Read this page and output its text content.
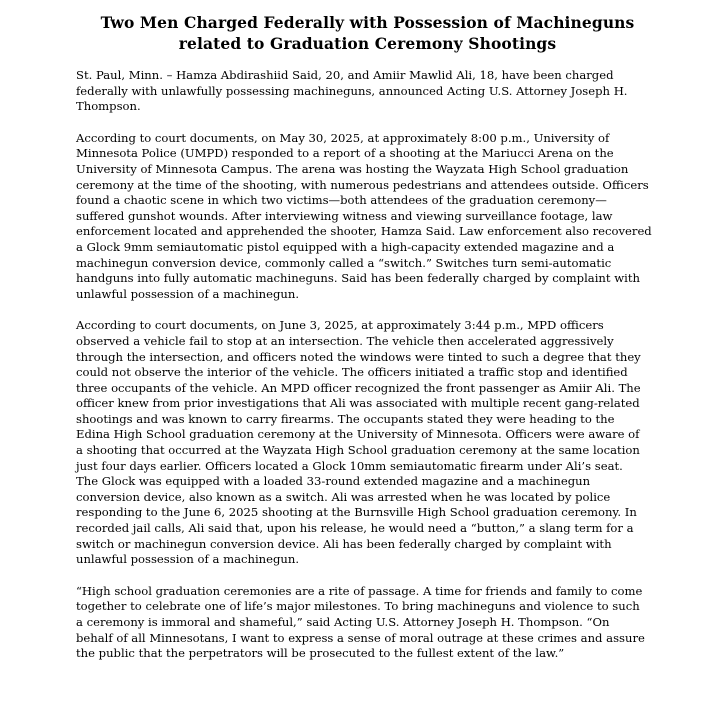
Two Men Charged Federally with Possession of Machineguns
related to Graduation Ceremony Shootings

St. Paul, Minn. – Hamza Abdirashiid Said, 20, and Amiir Mawlid Ali, 18, have been charged
federally with unlawfully possessing machineguns, announced Acting U.S. Attorney Joseph H.
Thompson.

According to court documents, on May 30, 2025, at approximately 8:00 p.m., University of
Minnesota Police (UMPD) responded to a report of a shooting at the Mariucci Arena on the
University of Minnesota Campus. The arena was hosting the Wayzata High School graduation
ceremony at the time of the shooting, with numerous pedestrians and attendees outside. Officers
found a chaotic scene in which two victims—both attendees of the graduation ceremony—
suffered gunshot wounds. After interviewing witness and viewing surveillance footage, law
enforcement located and apprehended the shooter, Hamza Said. Law enforcement also recovered
a Glock 9mm semiautomatic pistol equipped with a high-capacity extended magazine and a
machinegun conversion device, commonly called a “switch.” Switches turn semi-automatic
handguns into fully automatic machineguns. Said has been federally charged by complaint with
unlawful possession of a machinegun.

According to court documents, on June 3, 2025, at approximately 3:44 p.m., MPD officers
observed a vehicle fail to stop at an intersection. The vehicle then accelerated aggressively
through the intersection, and officers noted the windows were tinted to such a degree that they
could not observe the interior of the vehicle. The officers initiated a traffic stop and identified
three occupants of the vehicle. An MPD officer recognized the front passenger as Amiir Ali. The
officer knew from prior investigations that Ali was associated with multiple recent gang-related
shootings and was known to carry firearms. The occupants stated they were heading to the
Edina High School graduation ceremony at the University of Minnesota. Officers were aware of
a shooting that occurred at the Wayzata High School graduation ceremony at the same location
just four days earlier. Officers located a Glock 10mm semiautomatic firearm under Ali’s seat.
The Glock was equipped with a loaded 33-round extended magazine and a machinegun
conversion device, also known as a switch. Ali was arrested when he was located by police
responding to the June 6, 2025 shooting at the Burnsville High School graduation ceremony. In
recorded jail calls, Ali said that, upon his release, he would need a “button,” a slang term for a
switch or machinegun conversion device. Ali has been federally charged by complaint with
unlawful possession of a machinegun.

“High school graduation ceremonies are a rite of passage. A time for friends and family to come
together to celebrate one of life’s major milestones. To bring machineguns and violence to such
a ceremony is immoral and shameful,” said Acting U.S. Attorney Joseph H. Thompson. “On
behalf of all Minnesotans, I want to express a sense of moral outrage at these crimes and assure
the public that the perpetrators will be prosecuted to the fullest extent of the law.”
